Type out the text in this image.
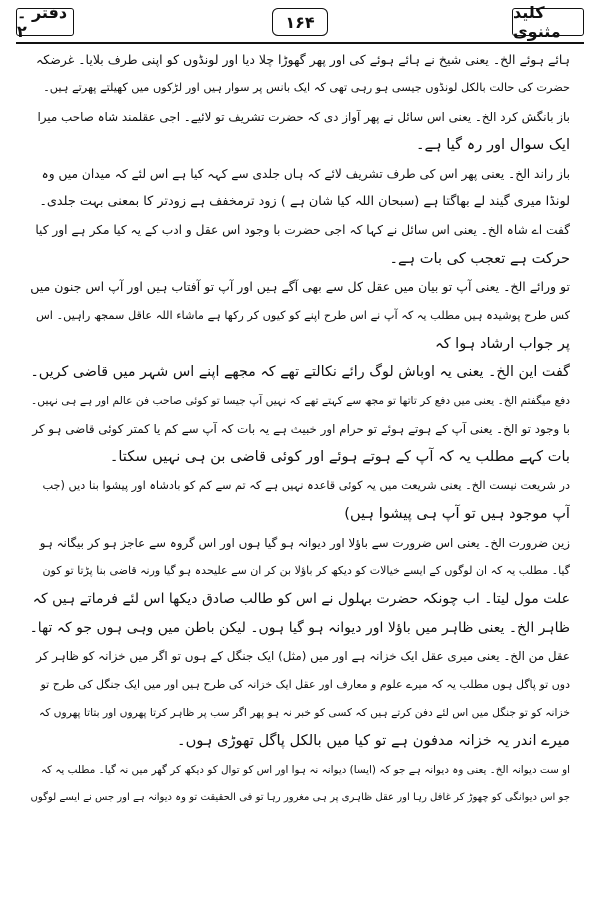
دفتر ۔۲	۱۶۴	کلید مثنوی
ہائے ہوئے الخ۔ یعنی شیخ نے ہائے ہوئے کی اور پھر گھوڑا چلا دیا اور لونڈوں کو اپنی طرف بلایا۔ غرضکہ
حضرت کی حالت بالکل لونڈوں جیسی ہو رہی تھی کہ ایک بانس پر سوار ہیں اور لڑکوں میں کھیلتے پھرتے ہیں۔
باز بانگش کرد الخ۔ یعنی اس سائل نے پھر آواز دی کہ حضرت تشریف تو لائیے۔ اجی عقلمند شاہ صاحب میرا
ایک سوال اور رہ گیا ہے۔
باز راند الخ۔ یعنی پھر اس کی طرف تشریف لائے کہ ہاں جلدی سے کہہ کیا ہے اس لئے کہ میدان میں وہ
لونڈا میری گیند لے بھاگتا ہے (سبحان اللہ کیا شان ہے ) زود ترمخفف ہے زودتر کا بمعنی بہت جلدی۔
گفت اے شاہ الخ۔ یعنی اس سائل نے کہا کہ اجی حضرت با وجود اس عقل و ادب کے یہ کیا مکر ہے اور کیا
حرکت ہے تعجب کی بات ہے۔
تو ورائے الخ۔ یعنی آپ تو بیان میں عقل کل سے بھی آگے ہیں اور آپ تو آفتاب ہیں اور آپ اس جنون میں
کس طرح پوشیدہ ہیں مطلب یہ کہ آپ نے اس طرح اپنے کو کیوں کر رکھا ہے ماشاء اللہ عاقل سمجھ راہیں۔ اس
پر جواب ارشاد ہوا کہ
گفت این الخ۔ یعنی یہ اوباش لوگ رائے نکالتے تھے کہ مجھے اپنے اس شہر میں قاضی کریں۔
دفع میگفتم الخ۔ یعنی میں دفع کر تاتھا تو مجھ سے کہتے تھے کہ نہیں آپ جیسا تو کوئی صاحب فن عالم اور ہے ہی نہیں۔
با وجود تو الخ۔ یعنی آپ کے ہوتے ہوئے تو حرام اور خبیث ہے یہ بات کہ آپ سے کم یا کمتر کوئی قاضی ہو کر
بات کہے مطلب یہ کہ آپ کے ہوتے ہوئے اور کوئی قاضی بن ہی نہیں سکتا۔
در شریعت نیست الخ۔ یعنی شریعت میں یہ کوئی قاعدہ نہیں ہے کہ تم سے کم کو بادشاہ اور پیشوا بنا دیں (جب
آپ موجود ہیں تو آپ ہی پیشوا ہیں)
زین ضرورت الخ۔ یعنی اس ضرورت سے باؤلا اور دیوانہ ہو گیا ہوں اور اس گروہ سے عاجز ہو کر بیگانہ ہو
گیا۔ مطلب یہ کہ ان لوگوں کے ایسے خیالات کو دیکھ کر باؤلا بن کر ان سے علیحدہ ہو گیا ورنہ قاضی بنا پڑتا تو کون
علت مول لیتا۔ اب چونکہ حضرت بہلول نے اس کو طالب صادق دیکھا اس لئے فرماتے ہیں کہ
ظاہر الخ۔ یعنی ظاہر میں باؤلا اور دیوانہ ہو گیا ہوں۔ لیکن باطن میں وہی ہوں جو کہ تھا۔
عقل من الخ۔ یعنی میری عقل ایک خزانہ ہے اور میں (مثل) ایک جنگل کے ہوں تو اگر میں خزانہ کو ظاہر کر
دوں تو پاگل ہوں مطلب یہ کہ میرے علوم و معارف اور عقل ایک خزانہ کی طرح ہیں اور میں ایک جنگل کی طرح تو
خزانہ کو تو جنگل میں اس لئے دفن کرتے ہیں کہ کسی کو خبر نہ ہو پھر اگر سب پر ظاہر کرتا پھروں اور بتاتا پھروں کہ
میرے اندر یہ خزانہ مدفون ہے تو کیا میں بالکل پاگل تھوڑی ہوں۔
او ست دیوانہ الخ۔ یعنی وہ دیوانہ ہے جو کہ (ایسا) دیوانہ نہ ہوا اور اس کو توال کو دیکھ کر گھر میں نہ گیا۔ مطلب یہ کہ
جو اس دیوانگی کو چھوڑ کر غافل رہا اور عقل ظاہری پر ہی مغرور رہا تو فی الحقیقت تو وہ دیوانہ ہے اور جس نے ایسے لوگوں
